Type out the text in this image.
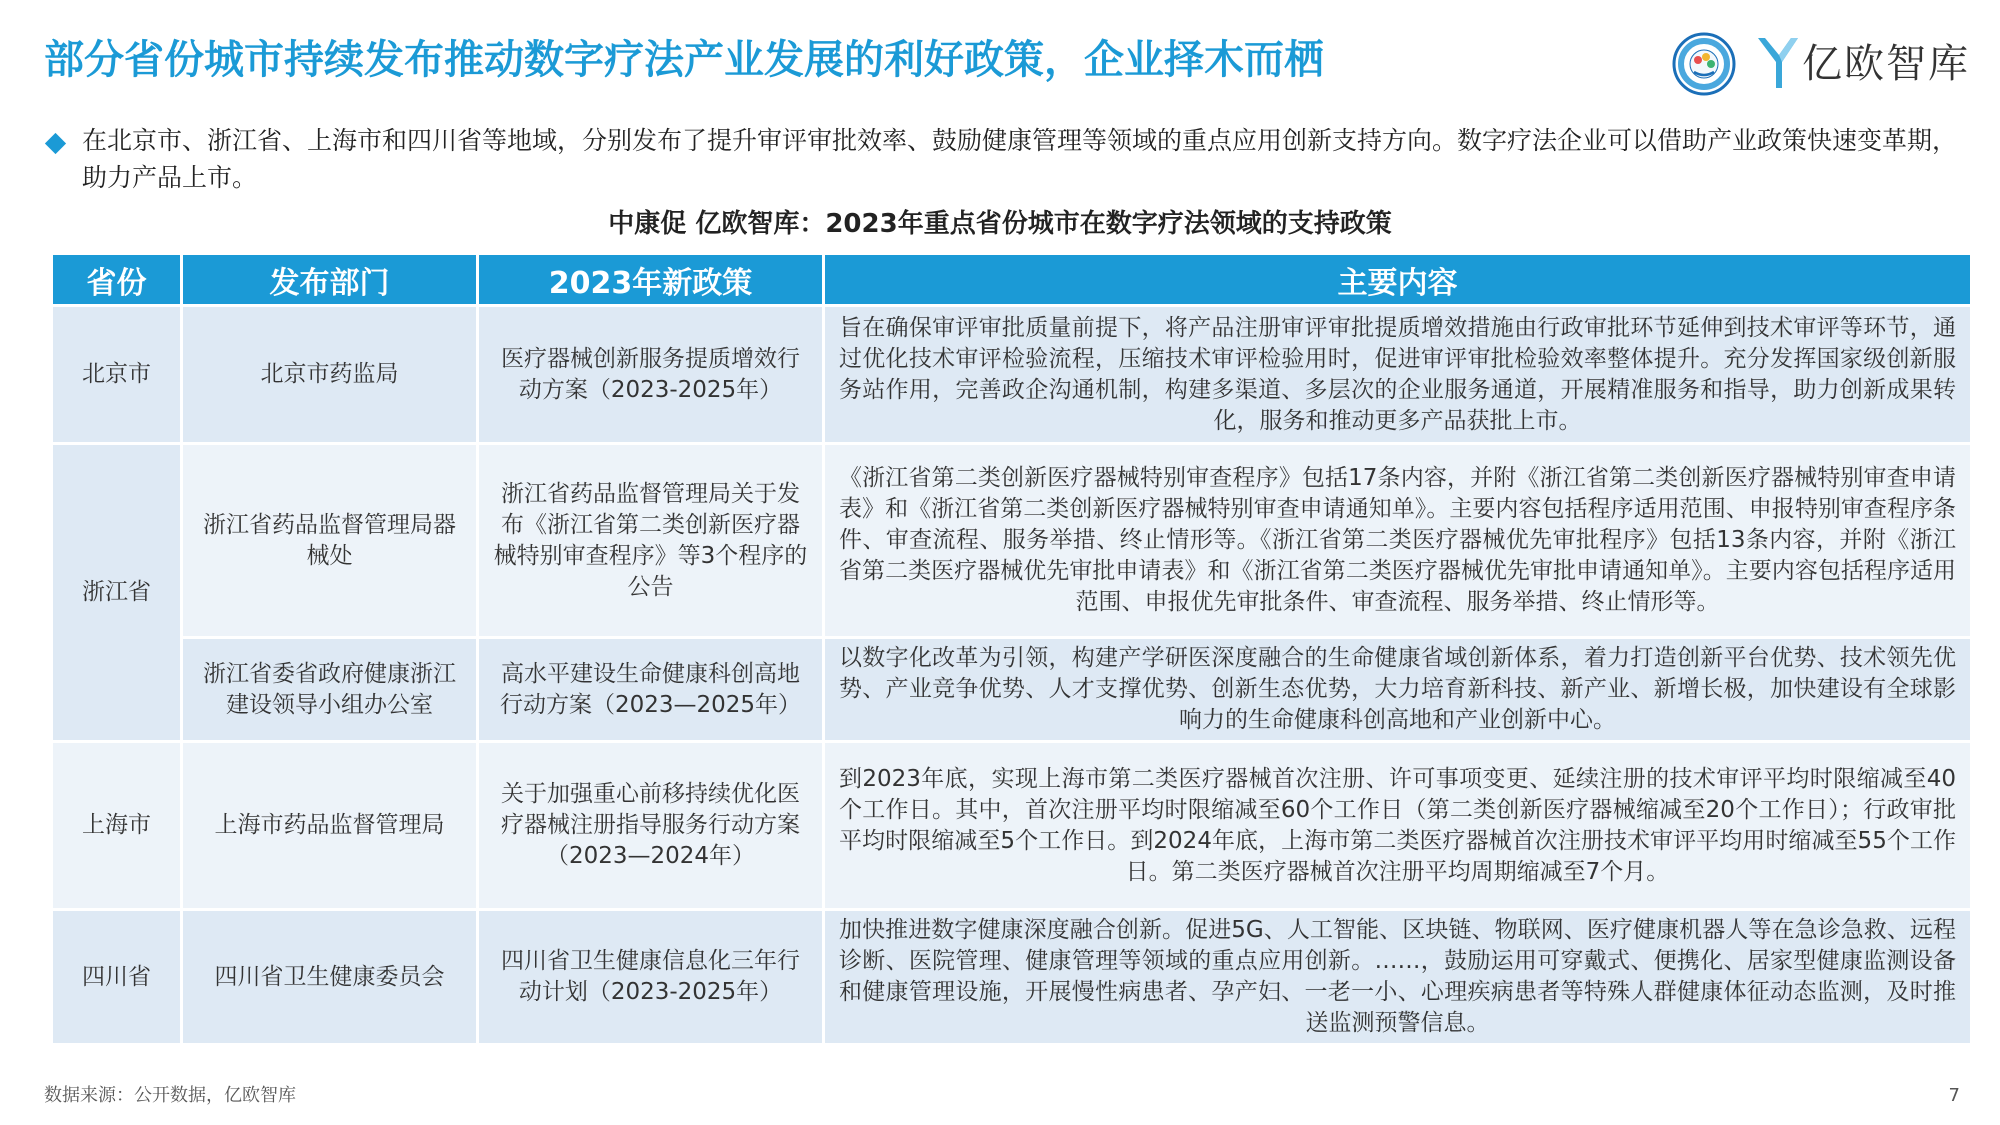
部分省份城市持续发布推动数字疗法产业发展的利好政策，企业择木而栖	亿欧智库
在北京市、浙江省、上海市和四川省等地域，分别发布了提升审评审批效率、鼓励健康管理等领域的重点应用创新支持方向。数字疗法企业可以借助产业政策快速变革期，助力产品上市。
中康促 亿欧智库：2023年重点省份城市在数字疗法领域的支持政策
省份	发布部门	2023年新政策	主要内容
北京市	北京市药监局	医疗器械创新服务提质增效行动方案（2023-2025年）	旨在确保审评审批质量前提下，将产品注册审评审批提质增效措施由行政审批环节延伸到技术审评等环节，通过优化技术审评检验流程，压缩技术审评检验用时，促进审评审批检验效率整体提升。充分发挥国家级创新服务站作用，完善政企沟通机制，构建多渠道、多层次的企业服务通道，开展精准服务和指导，助力创新成果转化，服务和推动更多产品获批上市。
浙江省	浙江省药品监督管理局器械处	浙江省药品监督管理局关于发布《浙江省第二类创新医疗器械特别审查程序》等3个程序的公告	《浙江省第二类创新医疗器械特别审查程序》包括17条内容，并附《浙江省第二类创新医疗器械特别审查申请表》和《浙江省第二类创新医疗器械特别审查申请通知单》。主要内容包括程序适用范围、申报特别审查程序条件、审查流程、服务举措、终止情形等。《浙江省第二类医疗器械优先审批程序》包括13条内容，并附《浙江省第二类医疗器械优先审批申请表》和《浙江省第二类医疗器械优先审批申请通知单》。主要内容包括程序适用范围、申报优先审批条件、审查流程、服务举措、终止情形等。
	浙江省委省政府健康浙江建设领导小组办公室	高水平建设生命健康科创高地行动方案（2023—2025年）	以数字化改革为引领，构建产学研医深度融合的生命健康省域创新体系，着力打造创新平台优势、技术领先优势、产业竞争优势、人才支撑优势、创新生态优势，大力培育新科技、新产业、新增长极，加快建设有全球影响力的生命健康科创高地和产业创新中心。
上海市	上海市药品监督管理局	关于加强重心前移持续优化医疗器械注册指导服务行动方案（2023—2024年）	到2023年底，实现上海市第二类医疗器械首次注册、许可事项变更、延续注册的技术审评平均时限缩减至40个工作日。其中，首次注册平均时限缩减至60个工作日（第二类创新医疗器械缩减至20个工作日）；行政审批平均时限缩减至5个工作日。到2024年底，上海市第二类医疗器械首次注册技术审评平均用时缩减至55个工作日。第二类医疗器械首次注册平均周期缩减至7个月。
四川省	四川省卫生健康委员会	四川省卫生健康信息化三年行动计划（2023-2025年）	加快推进数字健康深度融合创新。促进5G、人工智能、区块链、物联网、医疗健康机器人等在急诊急救、远程诊断、医院管理、健康管理等领域的重点应用创新。……，鼓励运用可穿戴式、便携化、居家型健康监测设备和健康管理设施，开展慢性病患者、孕产妇、一老一小、心理疾病患者等特殊人群健康体征动态监测，及时推送监测预警信息。
数据来源：公开数据，亿欧智库	7
